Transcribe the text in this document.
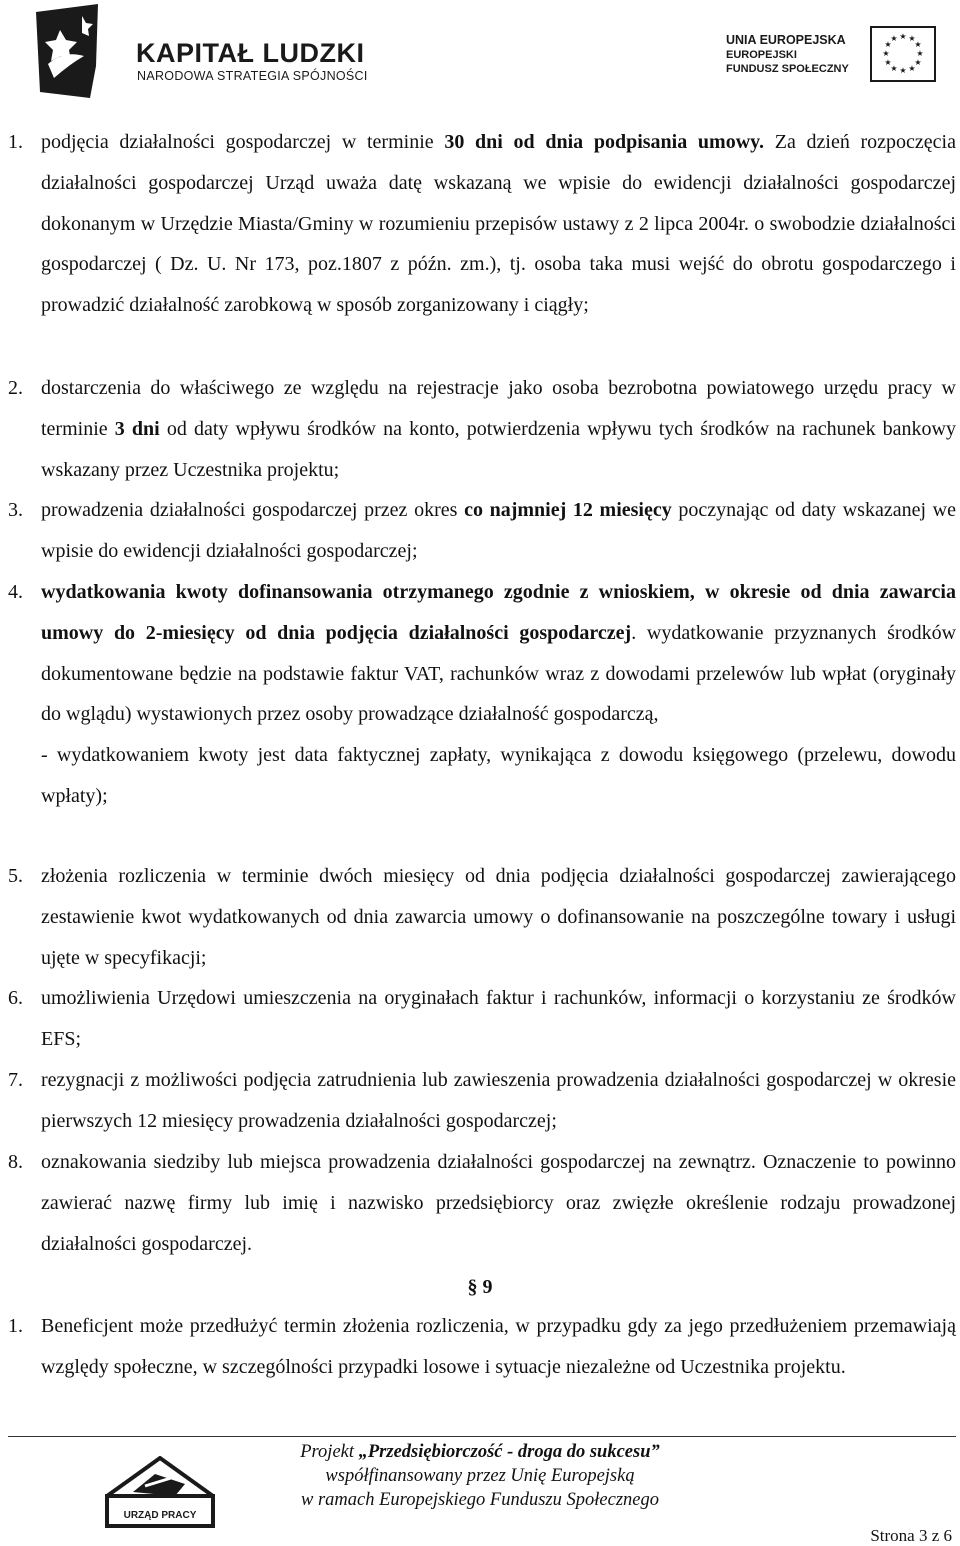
KAPITAŁ LUDZKI
NARODOWA STRATEGIA SPÓJNOŚCI
UNIA EUROPEJSKA
EUROPEJSKI
FUNDUSZ SPOŁECZNY
★ ★
★
★
★
★
★
★
★
★
★
★
1. podjęcia działalności gospodarczej w terminie 30 dni od dnia podpisania umowy. Za dzień rozpoczęcia działalności gospodarczej Urząd uważa datę wskazaną we wpisie do ewidencji działalności gospodarczej dokonanym w Urzędzie Miasta/Gminy w rozumieniu przepisów ustawy z 2 lipca 2004r. o swobodzie działalności gospodarczej ( Dz. U. Nr 173, poz.1807 z późn. zm.), tj. osoba taka musi wejść do obrotu gospodarczego i prowadzić działalność zarobkową w sposób zorganizowany i ciągły;
2. dostarczenia do właściwego ze względu na rejestracje jako osoba bezrobotna powiatowego urzędu pracy w terminie 3 dni od daty wpływu środków na konto, potwierdzenia wpływu tych środków na rachunek bankowy wskazany przez Uczestnika projektu;
3. prowadzenia działalności gospodarczej przez okres co najmniej 12 miesięcy poczynając od daty wskazanej we wpisie do ewidencji działalności gospodarczej;
4. wydatkowania kwoty dofinansowania otrzymanego zgodnie z wnioskiem, w okresie od dnia zawarcia umowy do 2-miesięcy od dnia podjęcia działalności gospodarczej. wydatkowanie przyznanych środków dokumentowane będzie na podstawie faktur VAT, rachunków wraz z dowodami przelewów lub wpłat (oryginały do wglądu) wystawionych przez osoby prowadzące działalność gospodarczą,

- wydatkowaniem kwoty jest data faktycznej zapłaty, wynikająca z dowodu księgowego (przelewu, dowodu wpłaty);

5. złożenia rozliczenia w terminie dwóch miesięcy od dnia podjęcia działalności gospodarczej zawierającego zestawienie kwot wydatkowanych od dnia zawarcia umowy o dofinansowanie na poszczególne towary i usługi ujęte w specyfikacji;
6. umożliwienia Urzędowi umieszczenia na oryginałach faktur i rachunków, informacji o korzystaniu ze środków EFS;
7. rezygnacji z możliwości podjęcia zatrudnienia lub zawieszenia prowadzenia działalności gospodarczej w okresie pierwszych 12 miesięcy prowadzenia działalności gospodarczej;
8. oznakowania siedziby lub miejsca prowadzenia działalności gospodarczej na zewnątrz. Oznaczenie to powinno zawierać nazwę firmy lub imię i nazwisko przedsiębiorcy oraz zwięzłe określenie rodzaju prowadzonej działalności gospodarczej.
§ 9
1. Beneficjent może przedłużyć termin złożenia rozliczenia, w przypadku gdy za jego przedłużeniem przemawiają względy społeczne, w szczególności przypadki losowe i sytuacje niezależne od Uczestnika projektu.
URZĄD PRACY
Projekt „Przedsiębiorczość - droga do sukcesu”
współfinansowany przez Unię Europejską
w ramach Europejskiego Funduszu Społecznego
Strona 3 z 6
